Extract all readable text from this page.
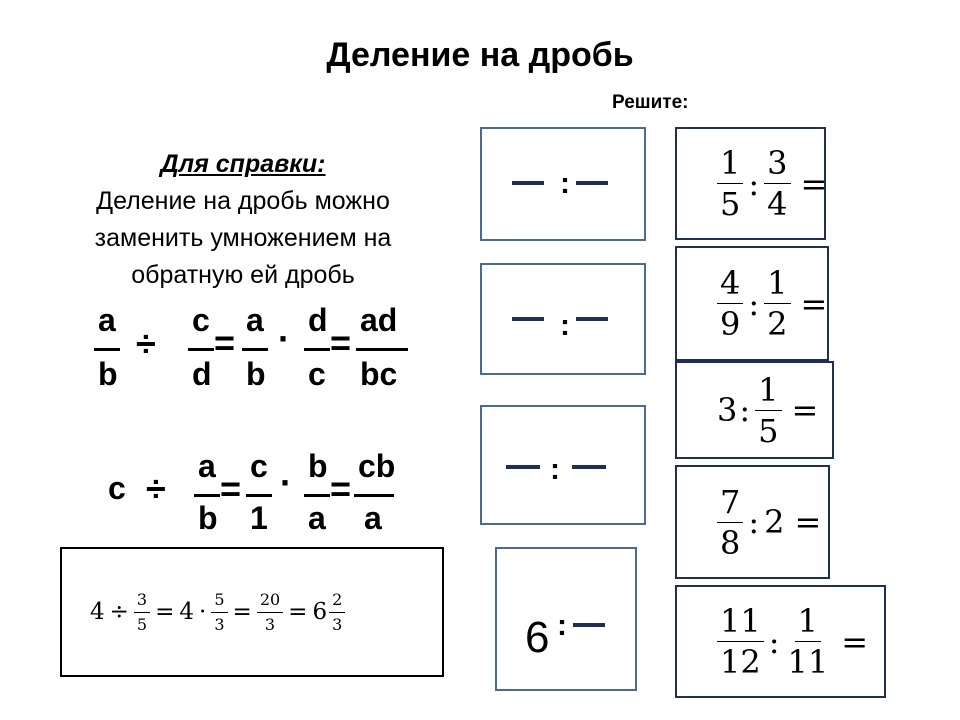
Деление на дробь
Решите:
Для справки:
Деление на дробь можно заменить умножением на обратную ей дробь
a
b
÷
c
d
=
a
b
· d
c
=
ad
bc
c ÷
a
b
=
c
1
· b
a
=
cb
a
$4 \div \frac{3}{5} = 4 \cdot \frac{5}{3} = \frac{20}{3} = 6 \frac{2}{3}$
:
:
:
6 :
$\frac{1}{5}$ : $\frac{3}{4}$ =
$\frac{4}{9}$ : $\frac{1}{2}$ =
3 : $\frac{1}{5}$ =
$\frac{7}{8}$ : 2 =
$\frac{11}{12}$ : $\frac{1}{11}$ =
